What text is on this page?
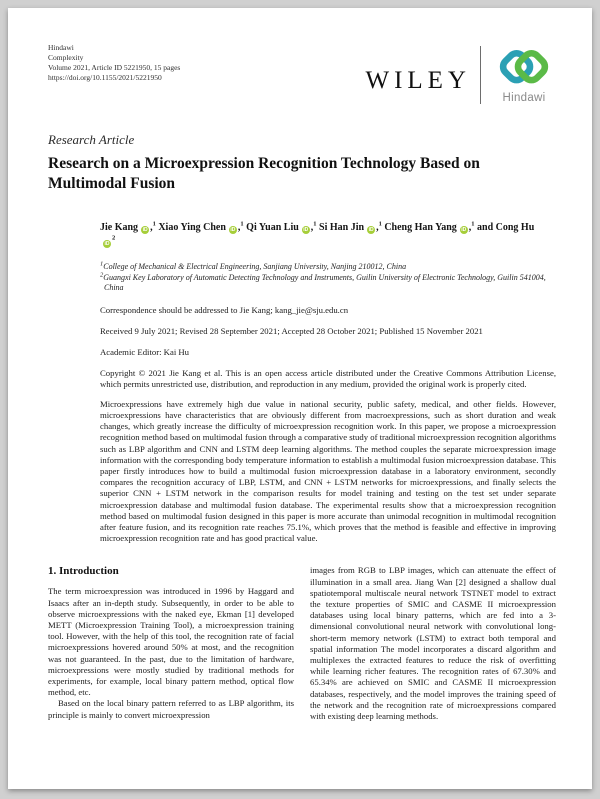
Hindawi
Complexity
Volume 2021, Article ID 5221950, 15 pages
https://doi.org/10.1155/2021/5221950	WILEY
Hindawi
Research Article
Research on a Microexpression Recognition Technology Based on Multimodal Fusion
Jie Kang iD ,$^1$ Xiao Ying Chen iD ,$^1$ Qi Yuan Liu iD ,$^1$ Si Han Jin iD ,$^1$ Cheng Han Yang iD ,$^1$ and Cong HuiD$^2$
$^1$College of Mechanical & Electrical Engineering, Sanjiang University, Nanjing 210012, China
$^2$Guangxi Key Laboratory of Automatic Detecting Technology and Instruments, Guilin University of Electronic Technology, Guilin 541004, China
Correspondence should be addressed to Jie Kang; kang_jie@sju.edu.cn
Received 9 July 2021; Revised 28 September 2021; Accepted 28 October 2021; Published 15 November 2021
Academic Editor: Kai Hu
Copyright © 2021 Jie Kang et al. This is an open access article distributed under the Creative Commons Attribution License, which permits unrestricted use, distribution, and reproduction in any medium, provided the original work is properly cited.
Microexpressions have extremely high due value in national security, public safety, medical, and other fields. However, microexpressions have characteristics that are obviously different from macroexpressions, such as short duration and weak changes, which greatly increase the difficulty of microexpression recognition work. In this paper, we propose a microexpression recognition method based on multimodal fusion through a comparative study of traditional microexpression recognition algorithms such as LBP algorithm and CNN and LSTM deep learning algorithms. The method couples the separate microexpression image information with the corresponding body temperature information to establish a multimodal fusion microexpression database. This paper firstly introduces how to build a multimodal fusion microexpression database in a laboratory environment, secondly compares the recognition accuracy of LBP, LSTM, and CNN + LSTM networks for microexpressions, and finally selects the superior CNN + LSTM network in the comparison results for model training and testing on the test set under separate microexpression database and multimodal fusion database. The experimental results show that a microexpression recognition method based on multimodal fusion designed in this paper is more accurate than unimodal recognition in multimodal recognition after feature fusion, and its recognition rate reaches 75.1%, which proves that the method is feasible and effective in improving microexpression recognition rate and has good practical value.
1. Introduction

The term microexpression was introduced in 1996 by Haggard and Isaacs after an in-depth study. Subsequently, in order to be able to observe microexpressions with the naked eye, Ekman [1] developed METT (Microexpression Training Tool), a microexpression training tool. However, with the help of this tool, the recognition rate of facial microexpressions hovered around 50% at most, and the recognition was not guaranteed. In the past, due to the limitation of hardware, microexpressions were mostly studied by traditional methods for experiments, for example, local binary pattern method, optical flow method, etc.

Based on the local binary pattern referred to as LBP algorithm, its principle is mainly to convert microexpression

images from RGB to LBP images, which can attenuate the effect of illumination in a small area. Jiang Wan [2] designed a shallow dual spatiotemporal multiscale neural network TSTNET model to extract the texture properties of SMIC and CASME II microexpression databases using local binary patterns, which are fed into a 3-dimensional convolutional neural network with convolutional long-short-term memory network (LSTM) to extract both temporal and spatial information The model incorporates a discard algorithm and multiplexes the extracted features to reduce the risk of overfitting while learning richer features. The recognition rates of 67.30% and 65.34% are achieved on SMIC and CASME II microexpression databases, respectively, and the model improves the training speed of the network and the recognition rate of microexpressions compared with existing deep learning methods.
